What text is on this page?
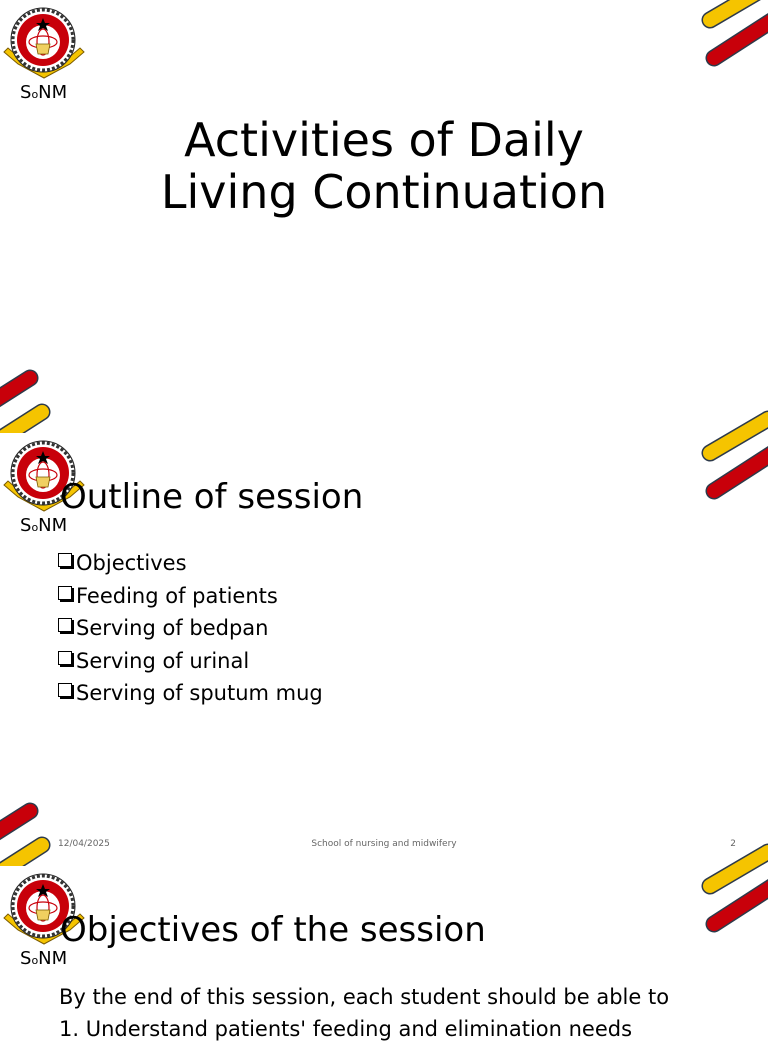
SoNM
Activities of Daily
Living Continuation
SoNM
Outline of session
Objectives
Feeding of patients
Serving of bedpan
Serving of urinal
Serving of sputum mug
12/04/2025	School of nursing and midwifery	2
SoNM
Objectives of the session
By the end of this session, each student should be able to
1. Understand patients' feeding and elimination needs
